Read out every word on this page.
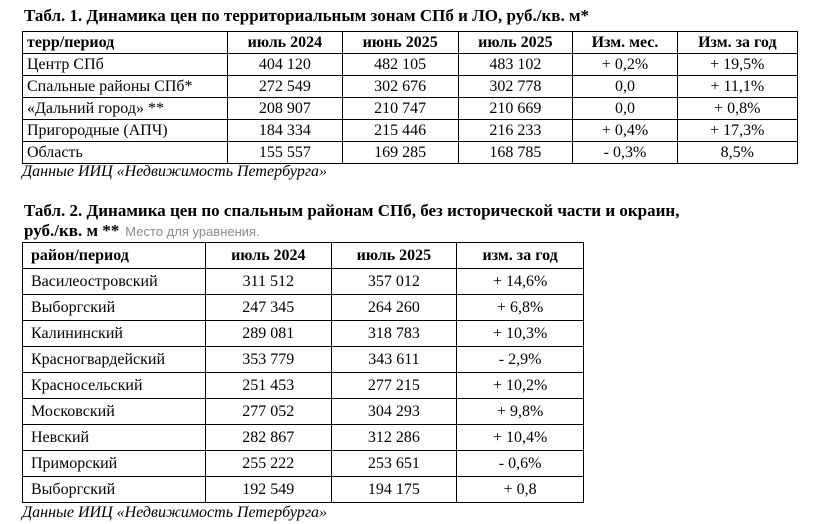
Табл. 1. Динамика цен по территориальным зонам СПб и ЛО, руб./кв. м*
терр/период	июль 2024	июнь 2025	июль 2025	Изм. мес.	Изм. за год
Центр СПб	404 120	482 105	483 102	+ 0,2%	+ 19,5%
Спальные районы СПб*	272 549	302 676	302 778	0,0	+ 11,1%
«Дальний город» **	208 907	210 747	210 669	0,0	+ 0,8%
Пригородные (АПЧ)	184 334	215 446	216 233	+ 0,4%	+ 17,3%
Область	155 557	169 285	168 785	- 0,3%	8,5%
Данные ИИЦ «Недвижимость Петербурга»
Табл. 2. Динамика цен по спальным районам СПб, без исторической части и окраин,
руб./кв. м ** Место для уравнения.
район/период	июль 2024	июль 2025	изм. за год
Василеостровский	311 512	357 012	+ 14,6%
Выборгский	247 345	264 260	+ 6,8%
Калининский	289 081	318 783	+ 10,3%
Красногвардейский	353 779	343 611	- 2,9%
Красносельский	251 453	277 215	+ 10,2%
Московский	277 052	304 293	+ 9,8%
Невский	282 867	312 286	+ 10,4%
Приморский	255 222	253 651	- 0,6%
Выборгский	192 549	194 175	+ 0,8
Данные ИИЦ «Недвижимость Петербурга»
